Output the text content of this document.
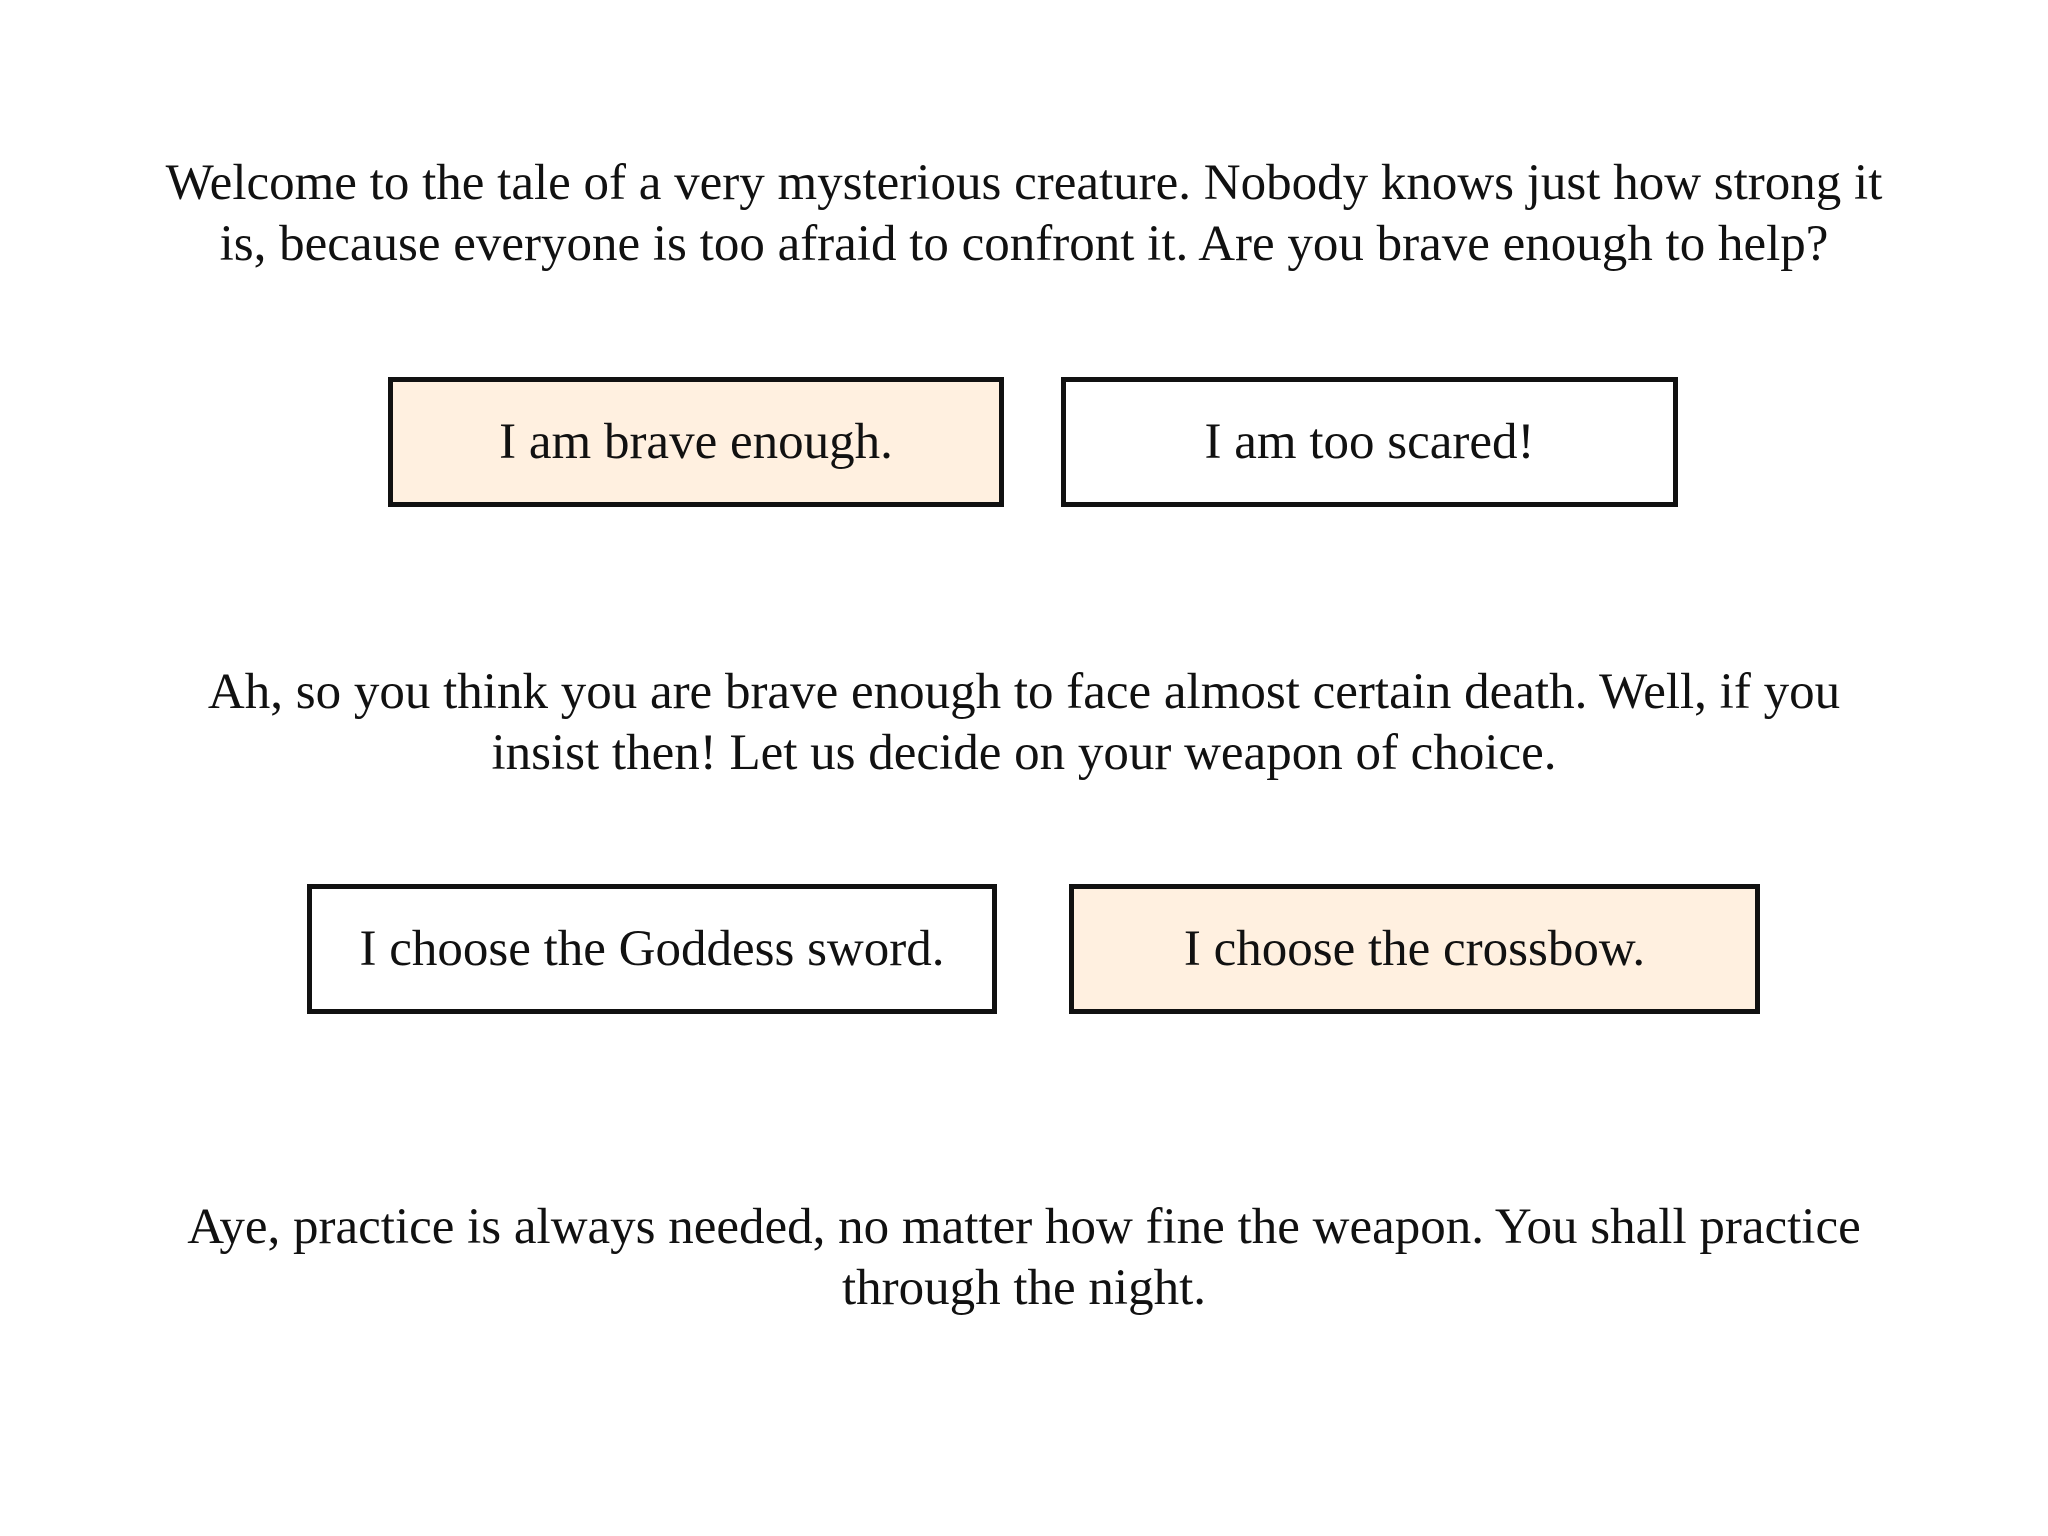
Welcome to the tale of a very mysterious creature. Nobody knows just how strong it
is, because everyone is too afraid to confront it. Are you brave enough to help?
I am brave enough.	I am too scared!
Ah, so you think you are brave enough to face almost certain death. Well, if you
insist then! Let us decide on your weapon of choice.
I choose the Goddess sword.	I choose the crossbow.
Aye, practice is always needed, no matter how fine the weapon. You shall practice
through the night.
